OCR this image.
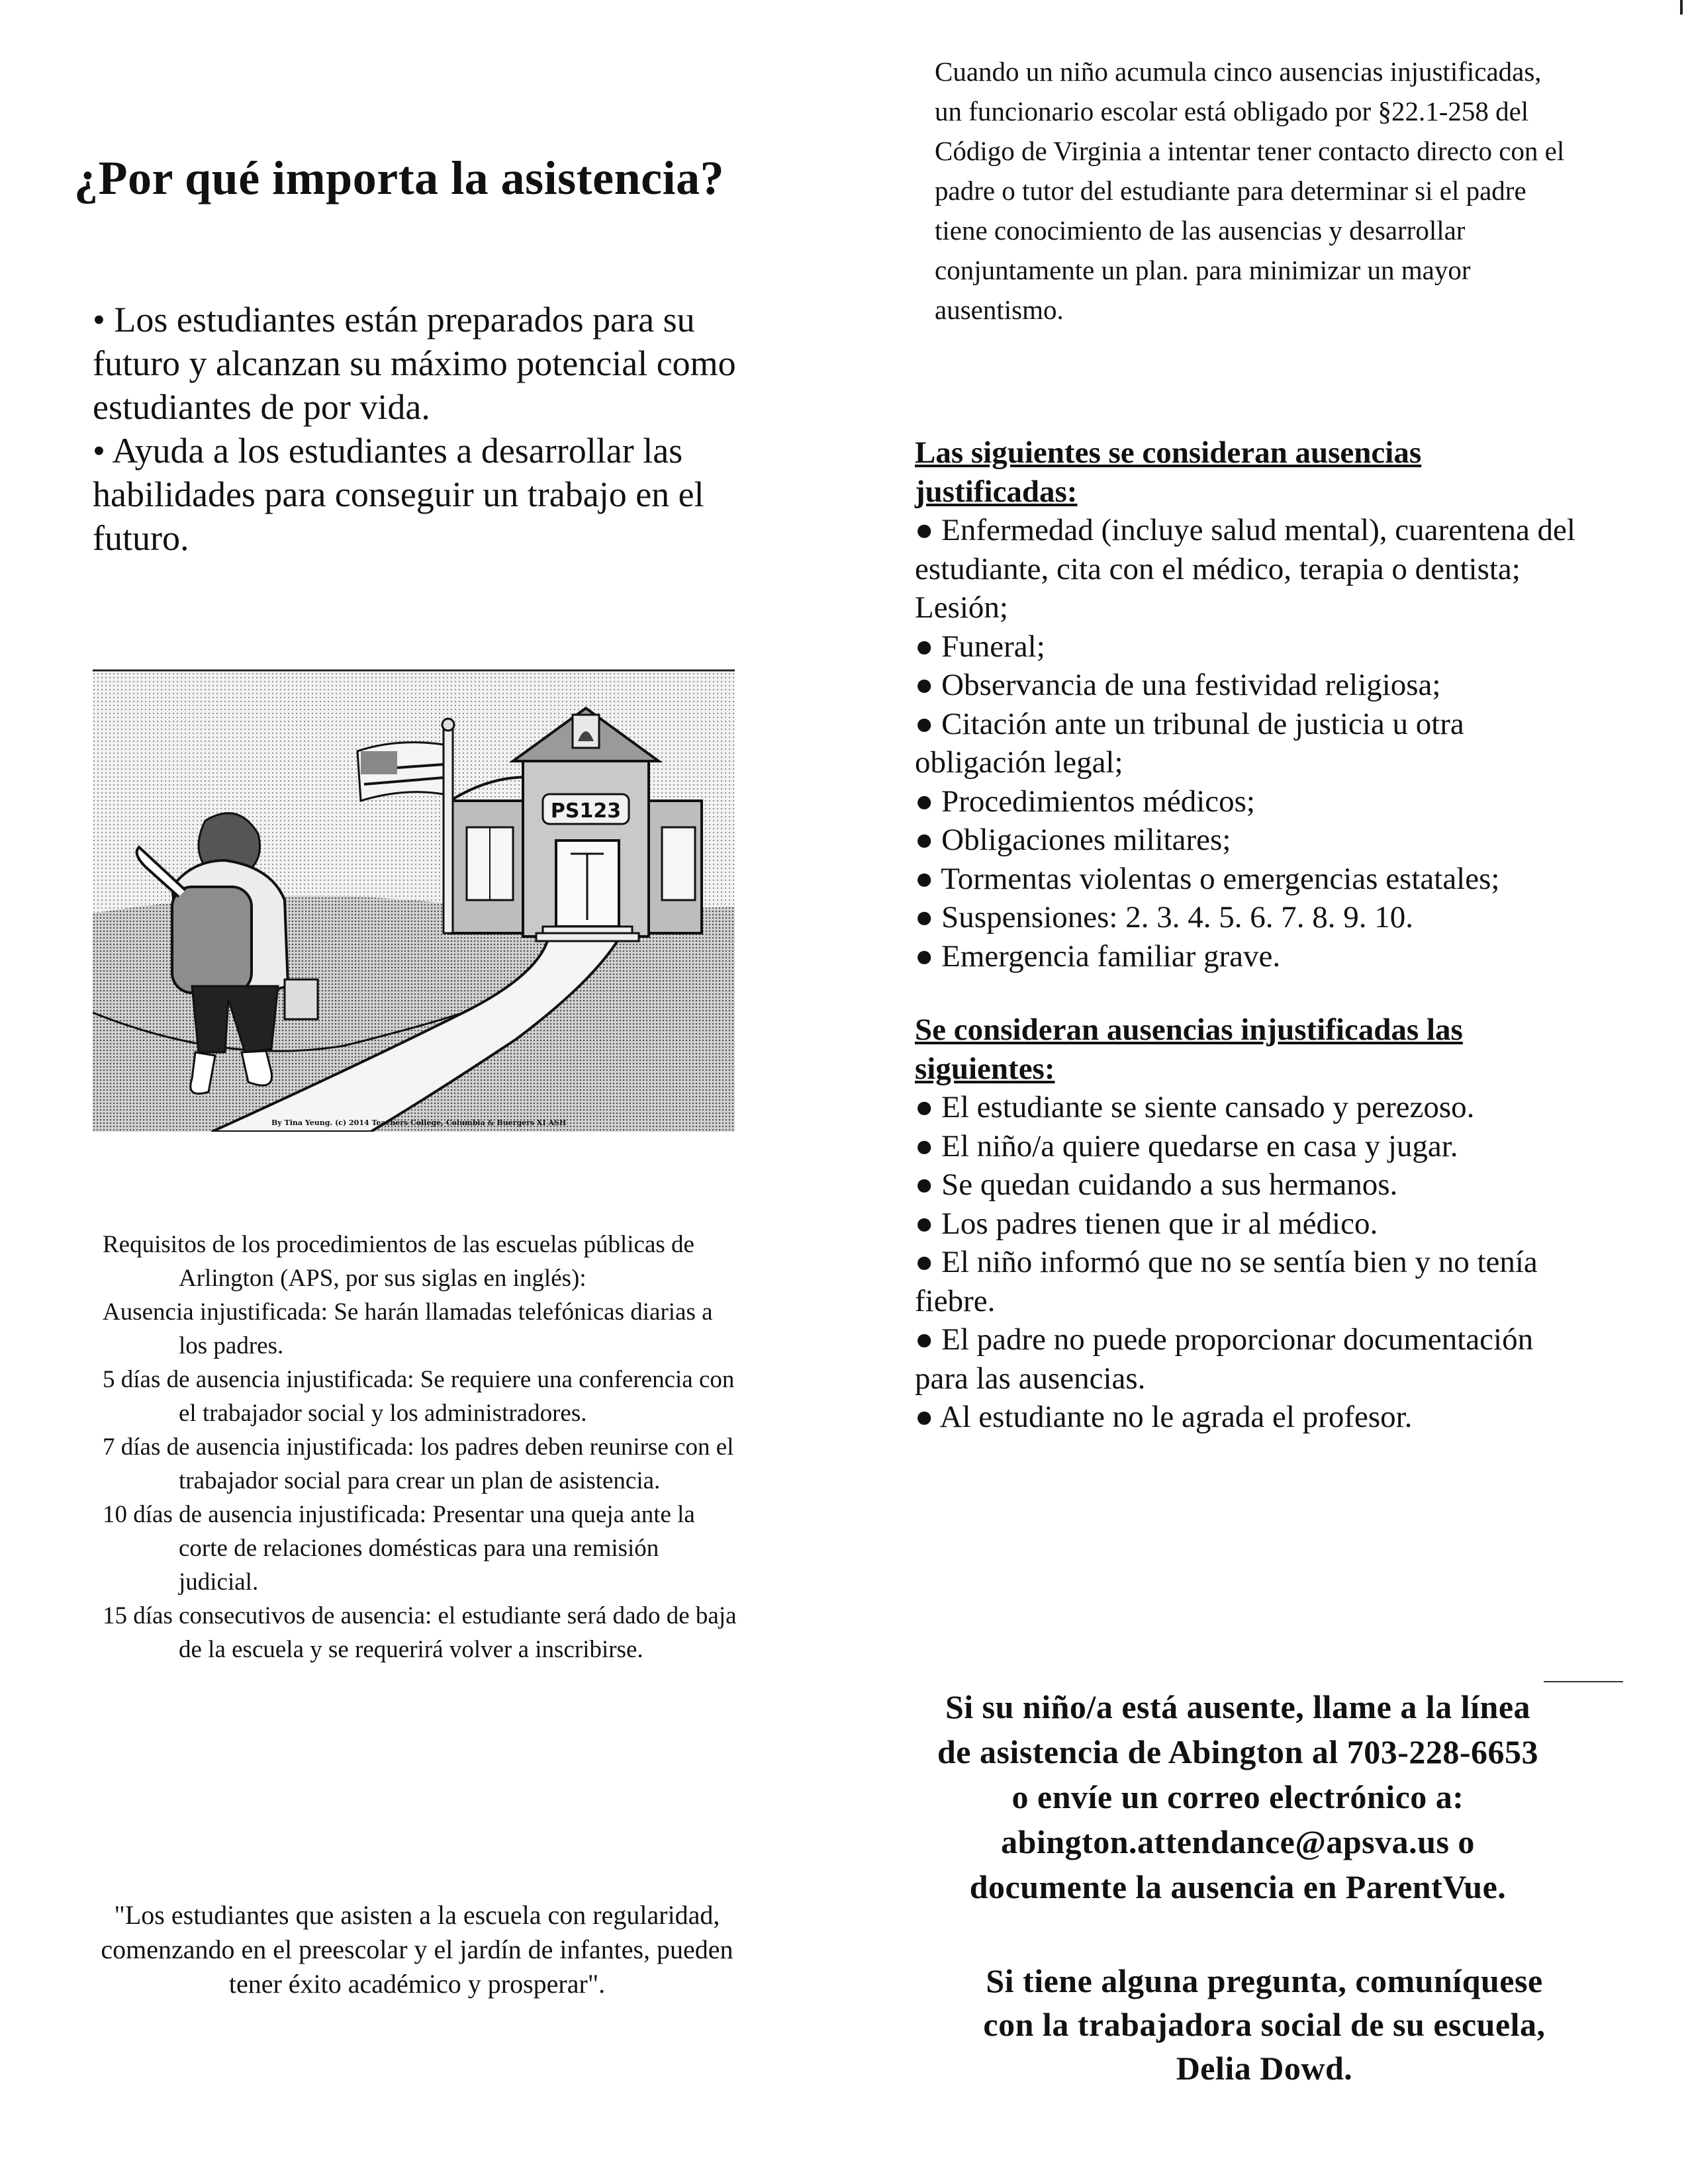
¿Por qué importa la asistencia?

• Los estudiantes están preparados para su futuro y alcanzan su máximo potencial como estudiantes de por vida.

• Ayuda a los estudiantes a desarrollar las habilidades para conseguir un trabajo en el futuro.

PS123
By Tina Yeung. (c) 2014 Teachers College, Columbia & Buergers XI ASH

Requisitos de los procedimientos de las escuelas públicas de Arlington (APS, por sus siglas en inglés):

Ausencia injustificada: Se harán llamadas telefónicas diarias a los padres.

5 días de ausencia injustificada: Se requiere una conferencia con el trabajador social y los administradores.

7 días de ausencia injustificada: los padres deben reunirse con el trabajador social para crear un plan de asistencia.

10 días de ausencia injustificada: Presentar una queja ante la corte de relaciones domésticas para una remisión judicial.

15 días consecutivos de ausencia: el estudiante será dado de baja de la escuela y se requerirá volver a inscribirse.

"Los estudiantes que asisten a la escuela con regularidad, comenzando en el preescolar y el jardín de infantes, pueden tener éxito académico y prosperar".
Cuando un niño acumula cinco ausencias injustificadas, un funcionario escolar está obligado por §22.1-258 del Código de Virginia a intentar tener contacto directo con el padre o tutor del estudiante para determinar si el padre tiene conocimiento de las ausencias y desarrollar conjuntamente un plan. para minimizar un mayor ausentismo.
Las siguientes se consideran ausencias justificadas:

● Enfermedad (incluye salud mental), cuarentena del estudiante, cita con el médico, terapia o dentista; Lesión;

● Funeral;

● Observancia de una festividad religiosa;

● Citación ante un tribunal de justicia u otra obligación legal;

● Procedimientos médicos;

● Obligaciones militares;

● Tormentas violentas o emergencias estatales;

● Suspensiones: 2. 3. 4. 5. 6. 7. 8. 9. 10.

● Emergencia familiar grave.

Se consideran ausencias injustificadas las siguientes:

● El estudiante se siente cansado y perezoso.

● El niño/a quiere quedarse en casa y jugar.

● Se quedan cuidando a sus hermanos.

● Los padres tienen que ir al médico.

● El niño informó que no se sentía bien y no tenía fiebre.

● El padre no puede proporcionar documentación para las ausencias.

● Al estudiante no le agrada el profesor.

Si su niño/a está ausente, llame a la línea
de asistencia de Abington al 703-228-6653
o envíe un correo electrónico a:
abington.attendance@apsva.us o
documente la ausencia en ParentVue.
Si tiene alguna pregunta, comuníquese
con la trabajadora social de su escuela,
Delia Dowd.
